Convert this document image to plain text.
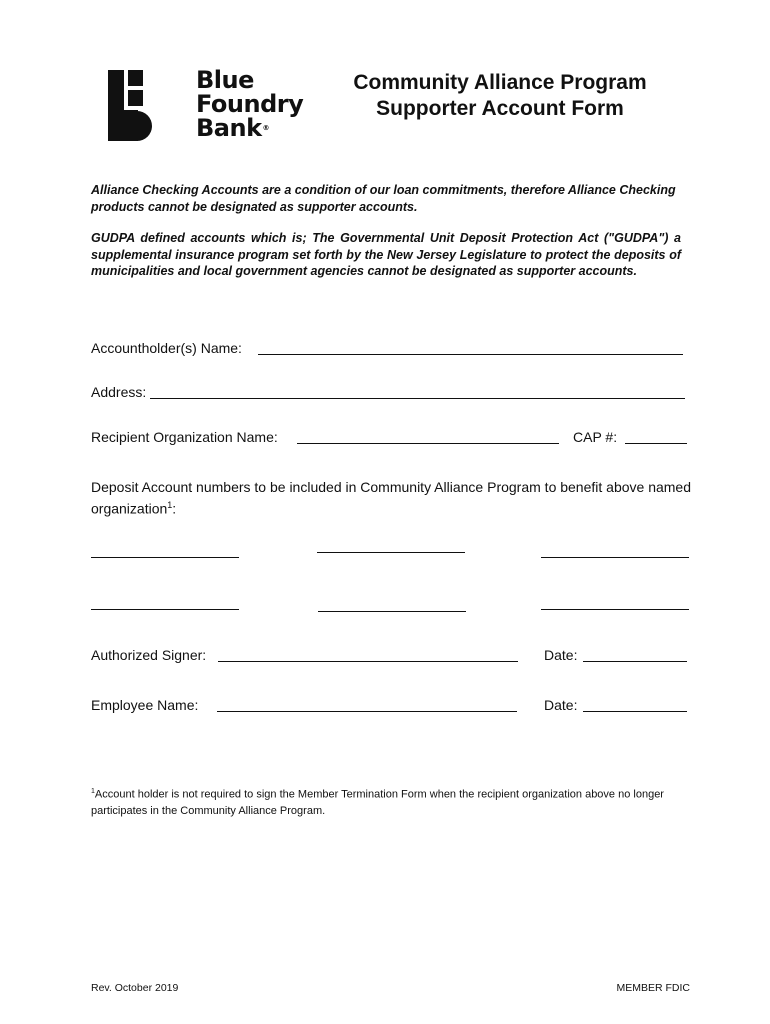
Blue
Foundry
Bank®
Community Alliance Program
Supporter Account Form
Alliance Checking Accounts are a condition of our loan commitments, therefore Alliance Checking products cannot be designated as supporter accounts.
GUDPA defined accounts which is; The Governmental Unit Deposit Protection Act ("GUDPA") a supplemental insurance program set forth by the New Jersey Legislature to protect the deposits of municipalities and local government agencies cannot be designated as supporter accounts.
Accountholder(s) Name:
Address:
Recipient Organization Name:	CAP #:
Deposit Account numbers to be included in Community Alliance Program to benefit above named organization$^1$:
Authorized Signer:	Date:
Employee Name:	Date:
$^1$Account holder is not required to sign the Member Termination Form when the recipient organization above no longer participates in the Community Alliance Program.
Rev. October 2019	MEMBER FDIC
